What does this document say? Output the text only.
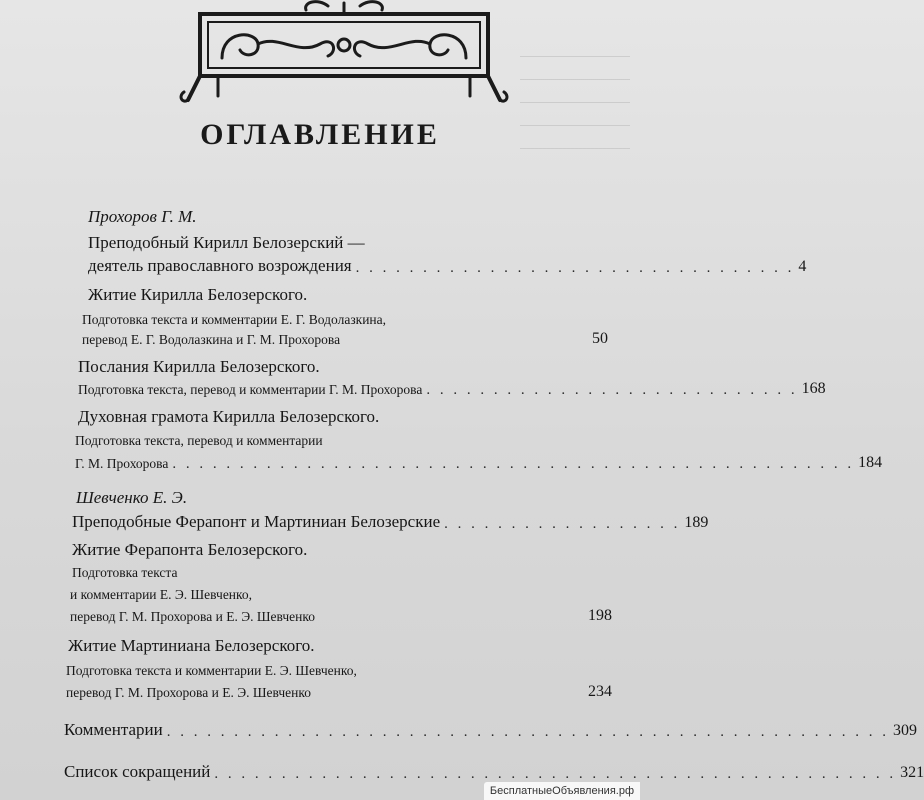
ОГЛАВЛЕНИЕ
Прохоров Г. М.
Преподобный Кирилл Белозерский —
деятель православного возрождения . . . . . . . . . . . . . . . . . . . . . . . . . . . . . . . . . 4
Житие Кирилла Белозерского.
Подготовка текста и комментарии Е. Г. Водолазкина,
перевод Е. Г. Водолазкина и Г. М. Прохорова	50
Послания Кирилла Белозерского.
Подготовка текста, перевод и комментарии Г. М. Прохорова . . . . . . . . . . . . . . . . . . . . . . . . . . . . 168
Духовная грамота Кирилла Белозерского.
Подготовка текста, перевод и комментарии
Г. М. Прохорова . . . . . . . . . . . . . . . . . . . . . . . . . . . . . . . . . . . . . . . . . . . . . . . . . . . 184
Шевченко Е. Э.
Преподобные Ферапонт и Мартиниан Белозерские . . . . . . . . . . . . . . . . . . 189
Житие Ферапонта Белозерского.
Подготовка текста
и комментарии Е. Э. Шевченко,
перевод Г. М. Прохорова и Е. Э. Шевченко	198
Житие Мартиниана Белозерского.
Подготовка текста и комментарии Е. Э. Шевченко,
перевод Г. М. Прохорова и Е. Э. Шевченко	234
Комментарии . . . . . . . . . . . . . . . . . . . . . . . . . . . . . . . . . . . . . . . . . . . . . . . . . . . . . . 309
Список сокращений . . . . . . . . . . . . . . . . . . . . . . . . . . . . . . . . . . . . . . . . . . . . . . . . . . . 321
БесплатныеОбъявления.рф
